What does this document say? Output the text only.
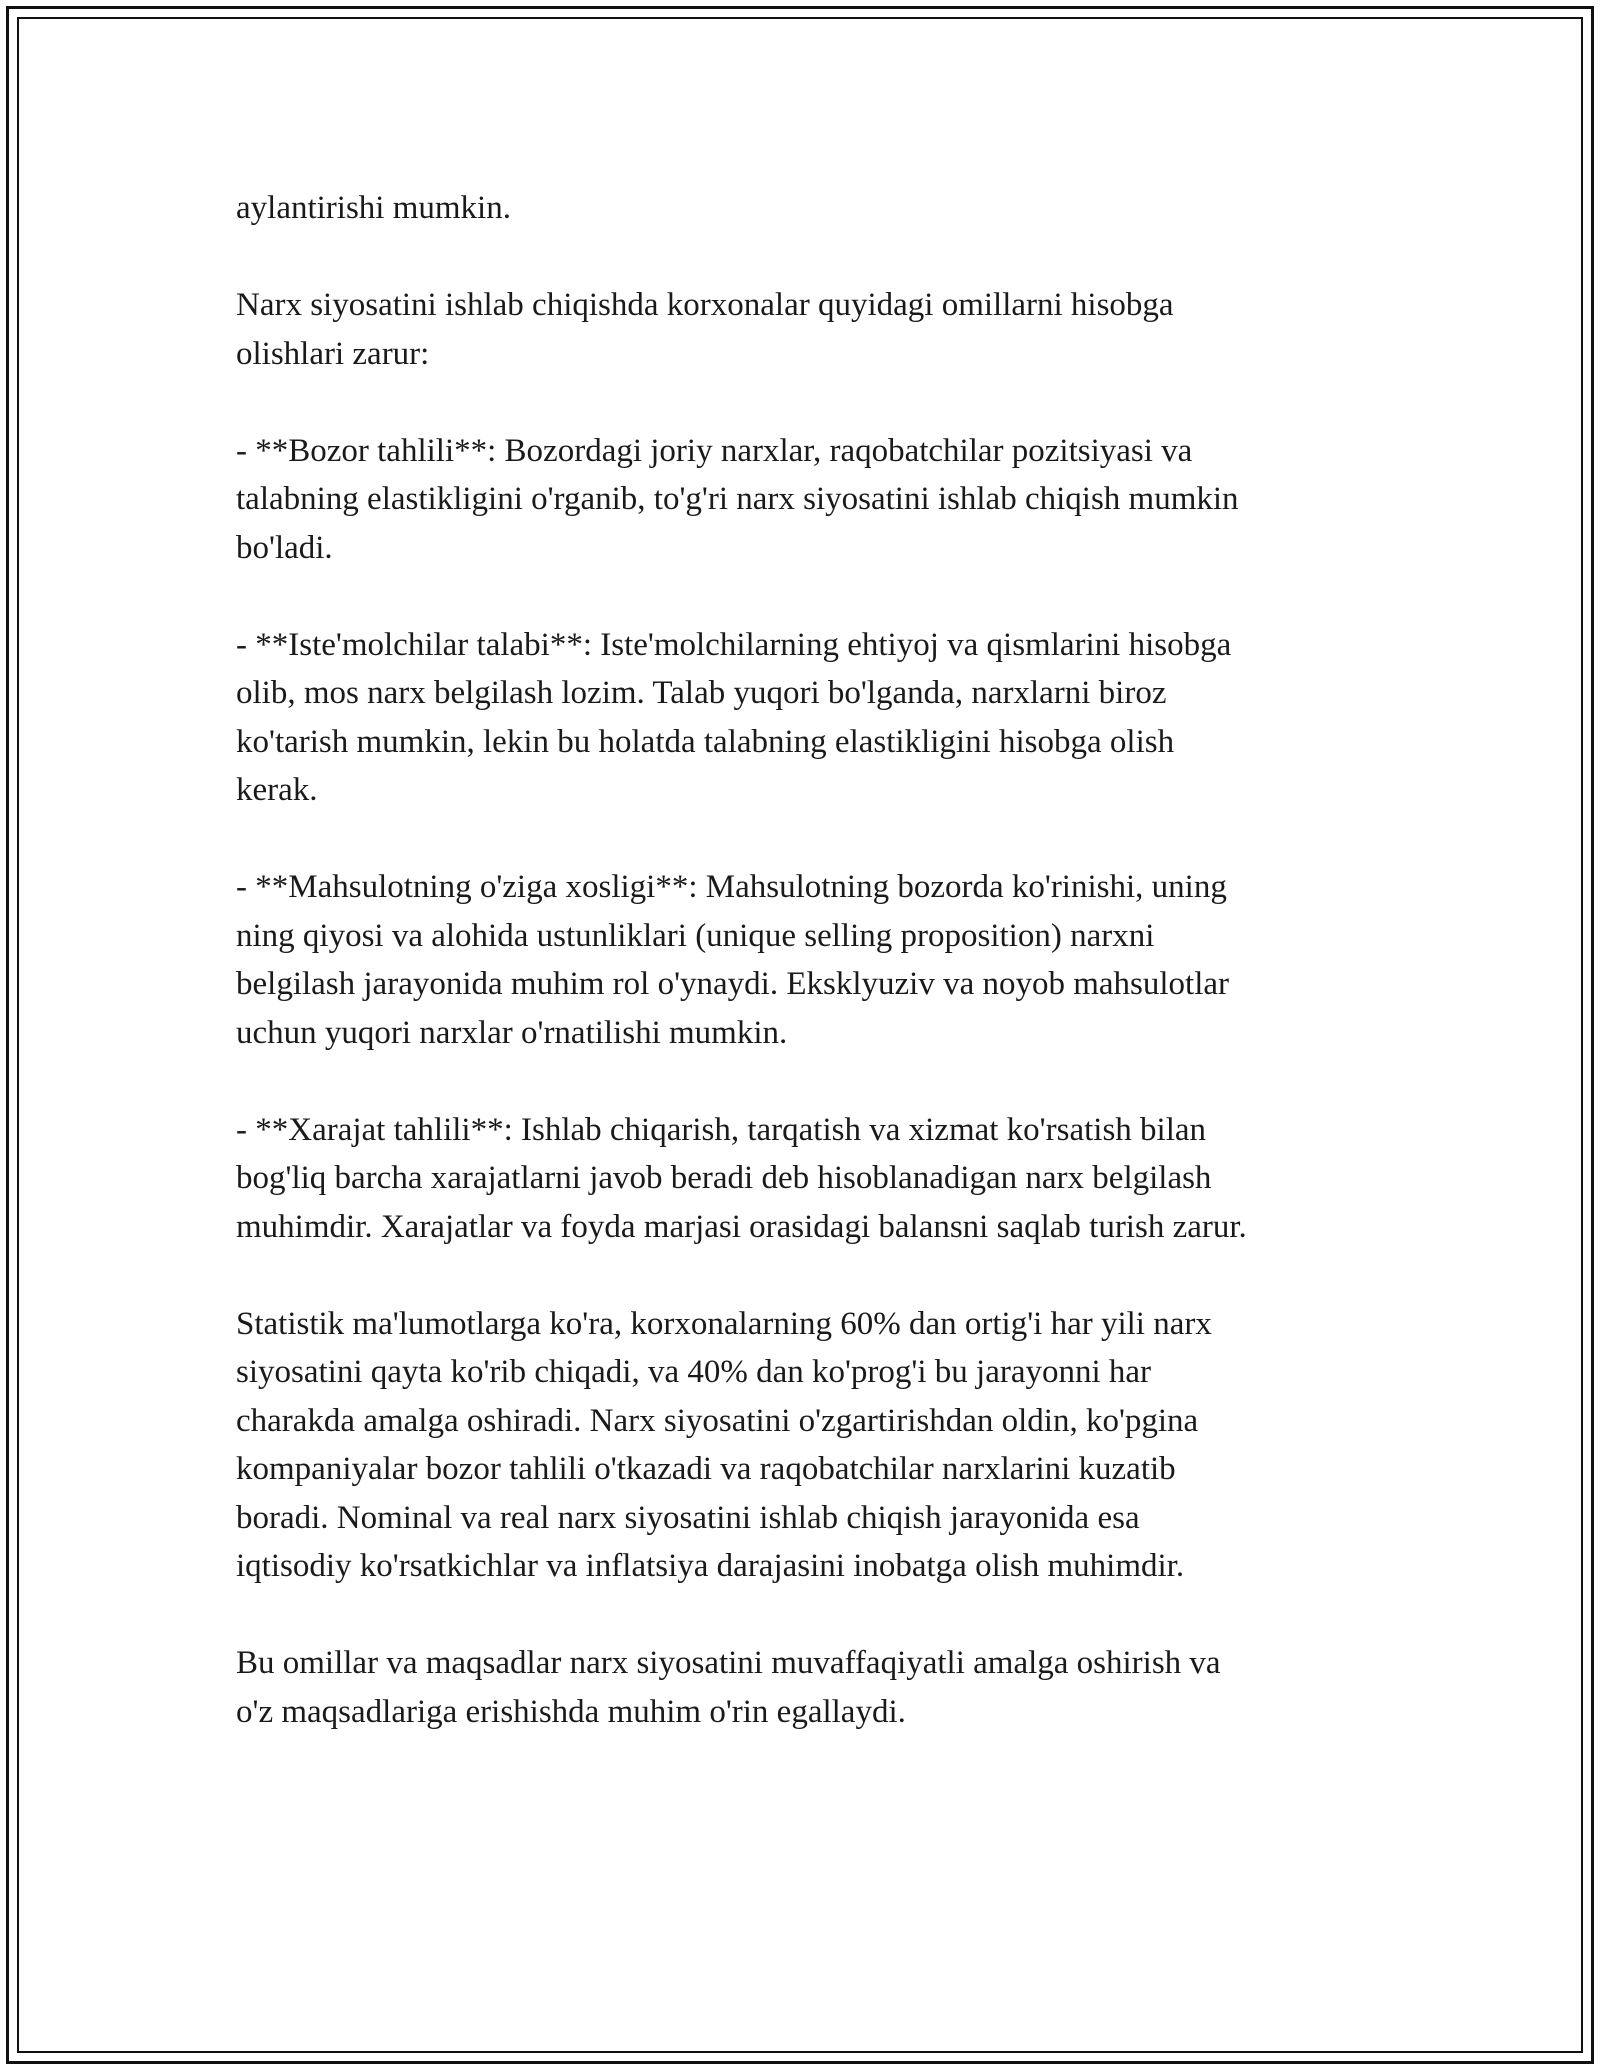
aylantirishi mumkin.

Narx siyosatini ishlab chiqishda korxonalar quyidagi omillarni hisobga
olishlari zarur:

- **Bozor tahlili**: Bozordagi joriy narxlar, raqobatchilar pozitsiyasi va
talabning elastikligini o'rganib, to'g'ri narx siyosatini ishlab chiqish mumkin
bo'ladi.

- **Iste'molchilar talabi**: Iste'molchilarning ehtiyoj va qismlarini hisobga
olib, mos narx belgilash lozim. Talab yuqori bo'lganda, narxlarni biroz
ko'tarish mumkin, lekin bu holatda talabning elastikligini hisobga olish
kerak.

- **Mahsulotning o'ziga xosligi**: Mahsulotning bozorda ko'rinishi, uning
ning qiyosi va alohida ustunliklari (unique selling proposition) narxni
belgilash jarayonida muhim rol o'ynaydi. Eksklyuziv va noyob mahsulotlar
uchun yuqori narxlar o'rnatilishi mumkin.

- **Xarajat tahlili**: Ishlab chiqarish, tarqatish va xizmat ko'rsatish bilan
bog'liq barcha xarajatlarni javob beradi deb hisoblanadigan narx belgilash
muhimdir. Xarajatlar va foyda marjasi orasidagi balansni saqlab turish zarur.

Statistik ma'lumotlarga ko'ra, korxonalarning 60% dan ortig'i har yili narx
siyosatini qayta ko'rib chiqadi, va 40% dan ko'prog'i bu jarayonni har
charakda amalga oshiradi. Narx siyosatini o'zgartirishdan oldin, ko'pgina
kompaniyalar bozor tahlili o'tkazadi va raqobatchilar narxlarini kuzatib
boradi. Nominal va real narx siyosatini ishlab chiqish jarayonida esa
iqtisodiy ko'rsatkichlar va inflatsiya darajasini inobatga olish muhimdir.

Bu omillar va maqsadlar narx siyosatini muvaffaqiyatli amalga oshirish va
o'z maqsadlariga erishishda muhim o'rin egallaydi.
